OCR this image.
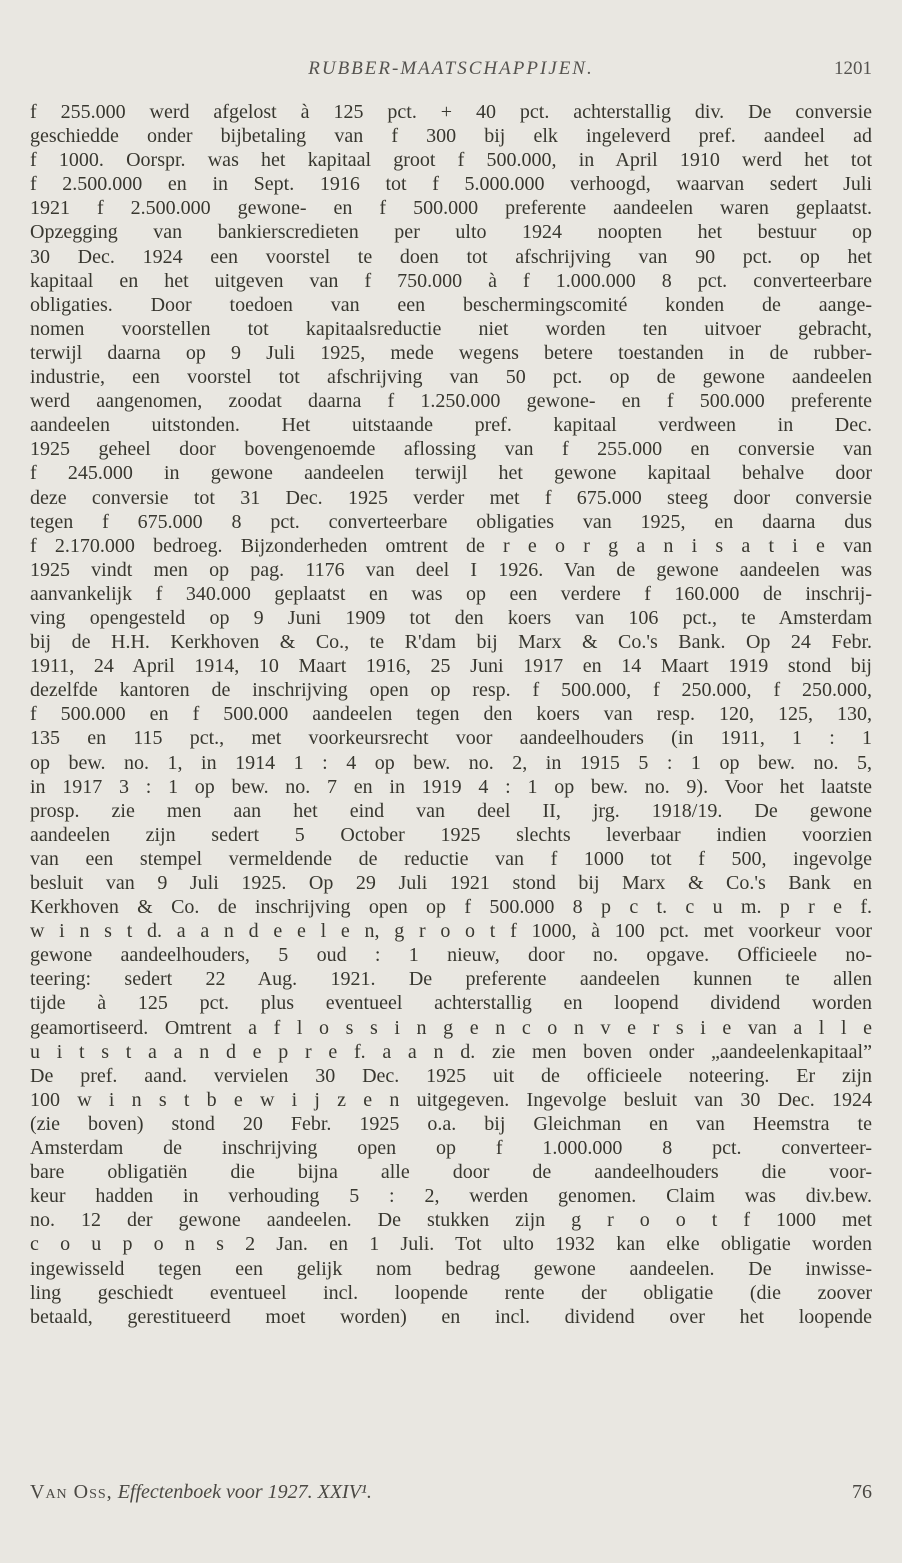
RUBBER-MAATSCHAPPIJEN.	1201

f 255.000 werd afgelost à 125 pct. + 40 pct. achterstallig div. De conversie

geschiedde onder bijbetaling van f 300 bij elk ingeleverd pref. aandeel ad

f 1000. Oorspr. was het kapitaal groot f 500.000, in April 1910 werd het tot

f 2.500.000 en in Sept. 1916 tot f 5.000.000 verhoogd, waarvan sedert Juli

1921 f 2.500.000 gewone- en f 500.000 preferente aandeelen waren geplaatst.

Opzegging van bankierscredieten per ulto 1924 noopten het bestuur op

30 Dec. 1924 een voorstel te doen tot afschrijving van 90 pct. op het

kapitaal en het uitgeven van f 750.000 à f 1.000.000 8 pct. converteerbare

obligaties. Door toedoen van een beschermingscomité konden de aange-

nomen voorstellen tot kapitaalsreductie niet worden ten uitvoer gebracht,

terwijl daarna op 9 Juli 1925, mede wegens betere toestanden in de rubber-

industrie, een voorstel tot afschrijving van 50 pct. op de gewone aandeelen

werd aangenomen, zoodat daarna f 1.250.000 gewone- en f 500.000 preferente

aandeelen uitstonden. Het uitstaande pref. kapitaal verdween in Dec.

1925 geheel door bovengenoemde aflossing van f 255.000 en conversie van

f 245.000 in gewone aandeelen terwijl het gewone kapitaal behalve door

deze conversie tot 31 Dec. 1925 verder met f 675.000 steeg door conversie

tegen f 675.000 8 pct. converteerbare obligaties van 1925, en daarna dus

f 2.170.000 bedroeg. Bijzonderheden omtrent de r e o r g a n i s a t i e van

1925 vindt men op pag. 1176 van deel I 1926. Van de gewone aandeelen was

aanvankelijk f 340.000 geplaatst en was op een verdere f 160.000 de inschrij-

ving opengesteld op 9 Juni 1909 tot den koers van 106 pct., te Amsterdam

bij de H.H. Kerkhoven & Co., te R'dam bij Marx & Co.'s Bank. Op 24 Febr.

1911, 24 April 1914, 10 Maart 1916, 25 Juni 1917 en 14 Maart 1919 stond bij

dezelfde kantoren de inschrijving open op resp. f 500.000, f 250.000, f 250.000,

f 500.000 en f 500.000 aandeelen tegen den koers van resp. 120, 125, 130,

135 en 115 pct., met voorkeursrecht voor aandeelhouders (in 1911, 1 : 1

op bew. no. 1, in 1914 1 : 4 op bew. no. 2, in 1915 5 : 1 op bew. no. 5,

in 1917 3 : 1 op bew. no. 7 en in 1919 4 : 1 op bew. no. 9). Voor het laatste

prosp. zie men aan het eind van deel II, jrg. 1918/19. De gewone

aandeelen zijn sedert 5 October 1925 slechts leverbaar indien voorzien

van een stempel vermeldende de reductie van f 1000 tot f 500, ingevolge

besluit van 9 Juli 1925. Op 29 Juli 1921 stond bij Marx & Co.'s Bank en

Kerkhoven & Co. de inschrijving open op f 500.000 8 p c t. c u m. p r e f.

w i n s t d. a a n d e e l e n, g r o o t f 1000, à 100 pct. met voorkeur voor

gewone aandeelhouders, 5 oud : 1 nieuw, door no. opgave. Officieele no-

teering: sedert 22 Aug. 1921. De preferente aandeelen kunnen te allen

tijde à 125 pct. plus eventueel achterstallig en loopend dividend worden

geamortiseerd. Omtrent a f l o s s i n g e n c o n v e r s i e van a l l e

u i t s t a a n d e p r e f. a a n d. zie men boven onder „aandeelenkapitaal”

De pref. aand. vervielen 30 Dec. 1925 uit de officieele noteering. Er zijn

100 w i n s t b e w i j z e n uitgegeven. Ingevolge besluit van 30 Dec. 1924

(zie boven) stond 20 Febr. 1925 o.a. bij Gleichman en van Heemstra te

Amsterdam de inschrijving open op f 1.000.000 8 pct. converteer-

bare obligatiën die bijna alle door de aandeelhouders die voor-

keur hadden in verhouding 5 : 2, werden genomen. Claim was div.bew.

no. 12 der gewone aandeelen. De stukken zijn g r o o t f 1000 met

c o u p o n s 2 Jan. en 1 Juli. Tot ulto 1932 kan elke obligatie worden

ingewisseld tegen een gelijk nom bedrag gewone aandeelen. De inwisse-

ling geschiedt eventueel incl. loopende rente der obligatie (die zoover

betaald, gerestitueerd moet worden) en incl. dividend over het loopende

Van Oss, Effectenboek voor 1927. XXIV¹.	76
